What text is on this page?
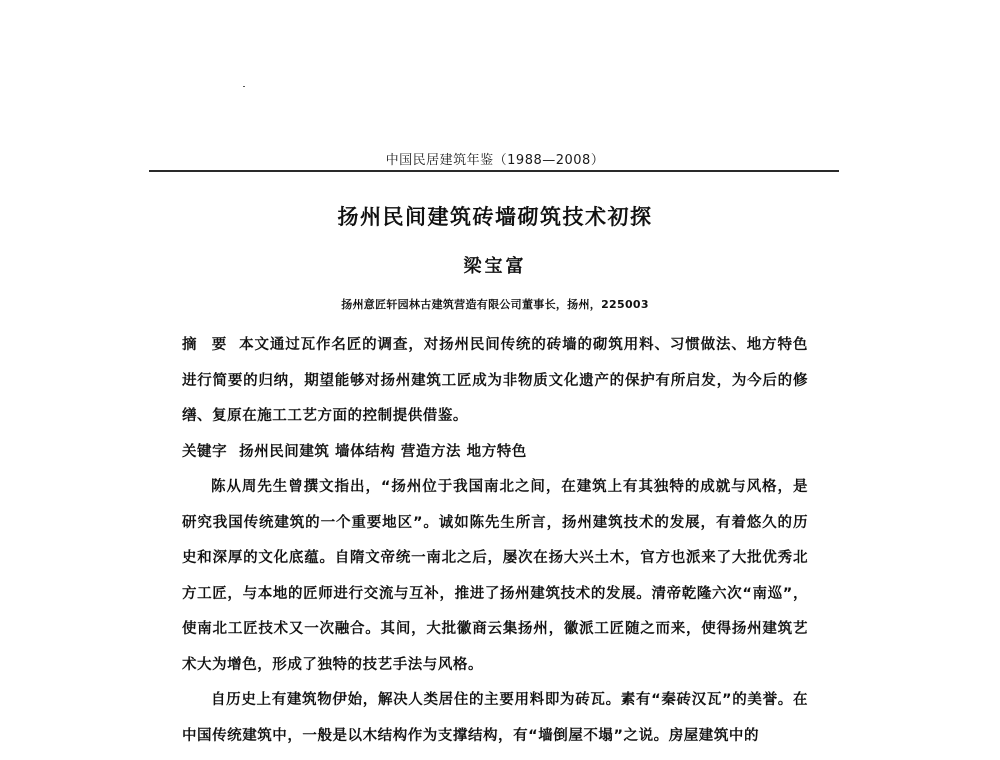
中国民居建筑年鉴（1988—2008）
扬州民间建筑砖墙砌筑技术初探
梁宝富
扬州意匠轩园林古建筑营造有限公司董事长，扬州，225003

摘 要 本文通过瓦作名匠的调查，对扬州民间传统的砖墙的砌筑用料、习惯做法、地方特色进行简要的归纳，期望能够对扬州建筑工匠成为非物质文化遗产的保护有所启发，为今后的修缮、复原在施工工艺方面的控制提供借鉴。

关键字 扬州民间建筑 墙体结构 营造方法 地方特色

陈从周先生曾撰文指出，“扬州位于我国南北之间，在建筑上有其独特的成就与风格，是研究我国传统建筑的一个重要地区”。诚如陈先生所言，扬州建筑技术的发展，有着悠久的历史和深厚的文化底蕴。自隋文帝统一南北之后，屡次在扬大兴土木，官方也派来了大批优秀北方工匠，与本地的匠师进行交流与互补，推进了扬州建筑技术的发展。清帝乾隆六次“南巡”，使南北工匠技术又一次融合。其间，大批徽商云集扬州，徽派工匠随之而来，使得扬州建筑艺术大为增色，形成了独特的技艺手法与风格。

自历史上有建筑物伊始，解决人类居住的主要用料即为砖瓦。素有“秦砖汉瓦”的美誉。在中国传统建筑中，一般是以木结构作为支撑结构，有“墙倒屋不塌”之说。房屋建筑中的
